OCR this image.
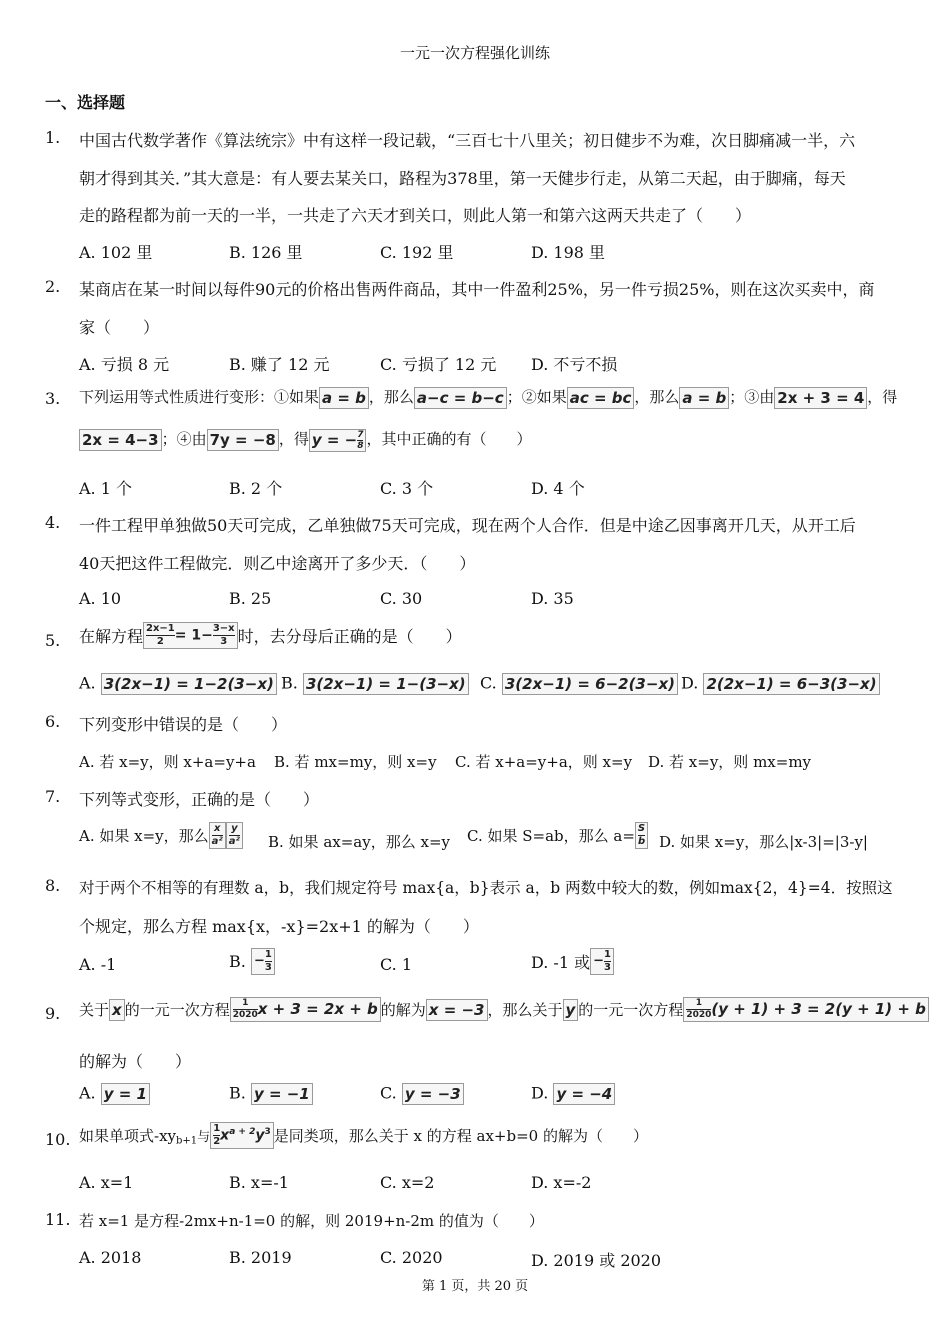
一元一次方程强化训练
一、选择题
1. 中国古代数学著作《算法统宗》中有这样一段记载，“三百七十八里关；初日健步不为难，次日脚痛减一半，六
朝才得到其关．”其大意是：有人要去某关口，路程为378里，第一天健步行走，从第二天起，由于脚痛，每天
走的路程都为前一天的一半，一共走了六天才到关口，则此人第一和第六这两天共走了（　　）
A. 102 里	B. 126 里	C. 192 里	D. 198 里
2. 某商店在某一时间以每件90元的价格出售两件商品，其中一件盈利25%，另一件亏损25%，则在这次买卖中，商
家（　　）
A. 亏损 8 元	B. 赚了 12 元	C. 亏损了 12 元 D. 不亏不损
3. 下列运用等式性质进行变形：①如果 a = b ，那么 a−c = b−c ；②如果 ac = bc ，那么 a = b ；③由 2x + 3 = 4 ，得
2x = 4−3 ；④由 7y = −8 ，得 y = − $\frac{7}{8}$ ，其中正确的有（　　）
A. 1 个	B. 2 个	C. 3 个	D. 4 个
4. 一件工程甲单独做50天可完成，乙单独做75天可完成，现在两个人合作．但是中途乙因事离开几天，从开工后
40天把这件工程做完．则乙中途离开了多少天．（　　）
A. 10	B. 25	C. 30	D. 35
5. 在解方程 $\frac{2x-1}{2} = 1- \frac{3-x}{3}$ 时，去分母后正确的是（　　）
A. 3(2x−1) = 1−2(3−x) B. 3(2x−1) = 1−(3−x) C. 3(2x−1) = 6−2(3−x) D. 2(2x−1) = 6−3(3−x)
6. 下列变形中错误的是（　　）
A. 若 x=y，则 x+a=y+a B. 若 mx=my，则 x=y C. 若 x+a=y+a，则 x=y D. 若 x=y，则 mx=my
7. 下列等式变形，正确的是（　　）
A. 如果 x=y，那么 $\frac{x}{\text{a²}} \frac{y}{\text{a²}} B$. 如果 ax=ay，那么 x=y C. 如果 S=ab，那么 $a= \frac{S}{b} D$. 如果 x=y，那么|x-3|=|3-y|
8. 对于两个不相等的有理数 a，b，我们规定符号 max{a，b}表示 a，b 两数中较大的数，例如max{2，4}=4．按照这
个规定，那么方程 max{x，-x}=2x+1 的解为（　　）
A. -1	B. − $\frac{1}{3}$	C. 1	D. -1 或 − $\frac{1}{3}$
9. 关于 x 的一元一次方程 $\frac{1}{2020}$ x + 3 = 2x + b 的解为 x = −3 ，那么关于 y 的一元一次方程 $\frac{1}{2020} (y + 1) + 3 = 2(y + 1) + b$
的解为（　　）
A. y = 1	B. y = −1	C. y = −3	D. y = −4
10. 如果单项式$-xy_{b+1}$与 $\frac{1}{2} x^{a + 2}y^3$ 是同类项，那么关于 x 的方程 ax+b=0 的解为（　　）
A. x=1	B. x=-1	C. x=2	D. x=-2
11. 若 x=1 是方程-2mx+n-1=0 的解，则 2019+n-2m 的值为（　　）
A. 2018	B. 2019	C. 2020	D. 2019 或 2020
第 1 页，共 20 页
